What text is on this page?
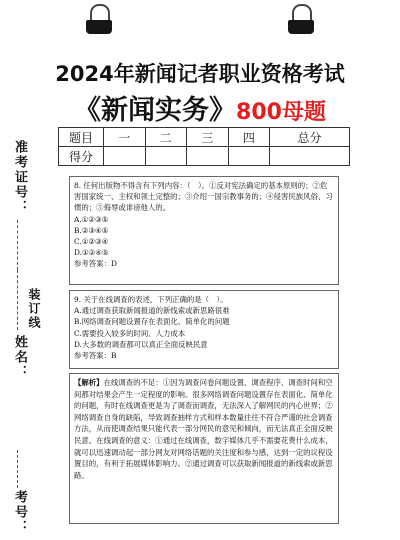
准考证号：
姓名：
装订线
考号：
2024年新闻记者职业资格考试
《新闻实务》800母题
题目	一	二	三	四	总分
得分					

8. 任何出版物不得含有下列内容：（　）。①反对宪法确定的基本原则的；②危害国家统一、主权和领土完整的；③介绍一国宗教事务的；④侵害民族风俗、习惯的；⑤侮辱或诽谤他人的。

A.①②③⑤

B.②③④⑤

C.①②③④

D.①②④⑤

参考答案：D

9. 关于在线调查的表述，下列正确的是（　）。

A.通过调查获取新闻报道的新线索或新思路很难

B.网络调查问题设置存在表面化、简单化的问题

C.需要投入较多的时间、人力成本

D.大多数的调查都可以真正全面反映民意

参考答案：B

【解析】在线调查的不足：①因为调查问卷问题设置、调查程序、调查时间和空间都对结果会产生一定程度的影响。很多网络调查问题设置存在表面化、简单化的问题，有时在线调查更是为了调查而调查，无法深入了解网民的内心世界；②网络调查自身的缺陷，导致调查抽样方式和样本数量往往不符合严谨的社会调查方法，从而使调查结果只能代表一部分网民的意见和倾向，而无法真正全面反映民意。在线调查的意义：①通过在线调查，数字媒体几乎不需要花费什么成本，就可以迅速调动起一部分网友对网络话题的关注度和参与感，达到一定的议程设置目的，有利于拓展媒体影响力。②通过调查可以获取新闻报道的新线索或新思路。
